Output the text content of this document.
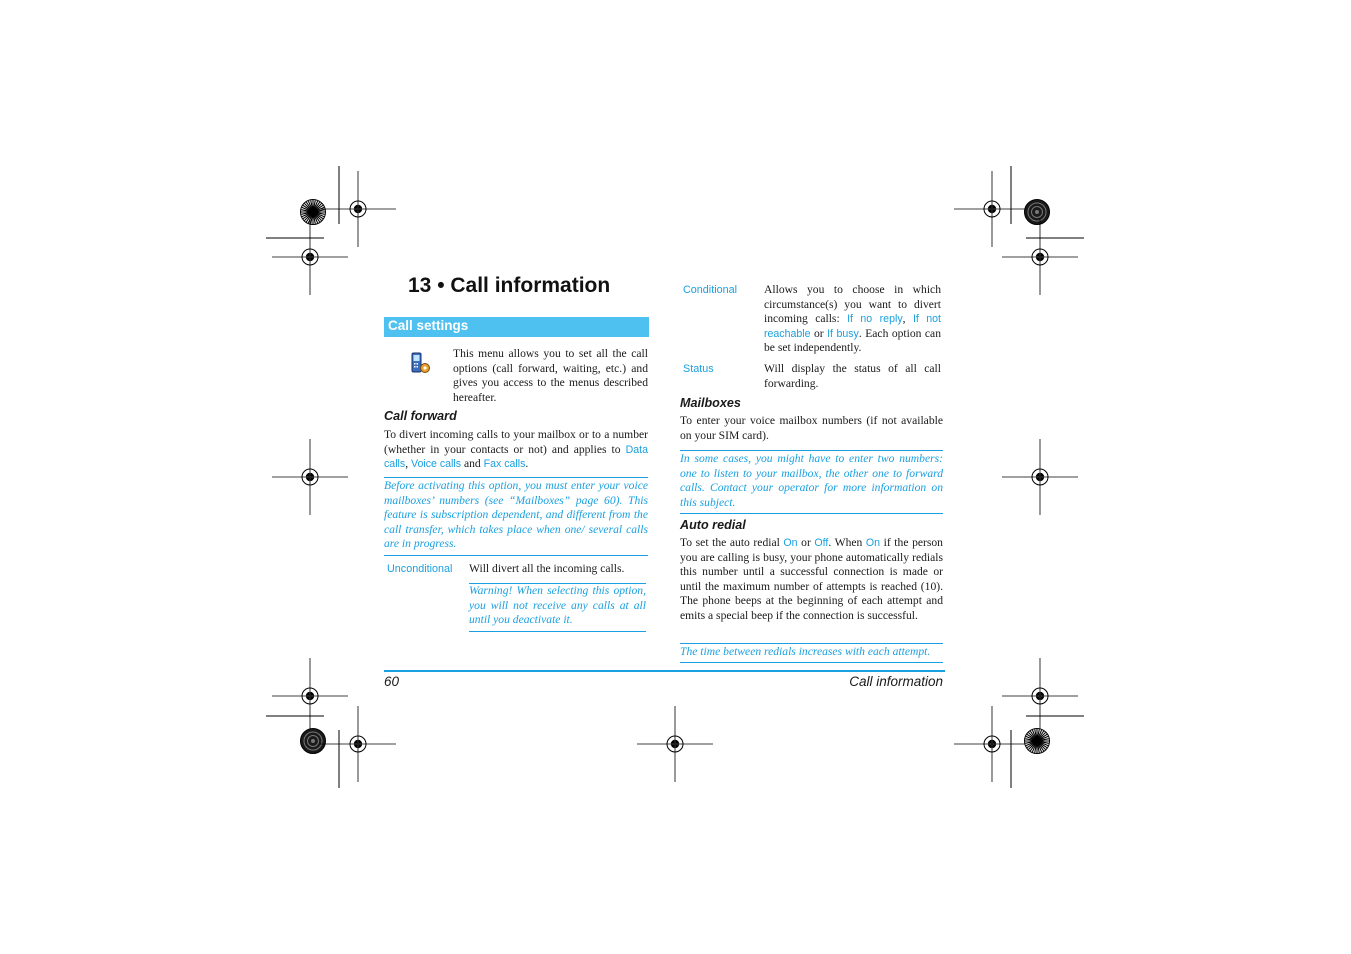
13 • Call information
Call settings
This menu allows you to set all the call options (call forward, waiting, etc.) and gives you access to the menus described hereafter.
Call forward
To divert incoming calls to your mailbox or to a number (whether in your contacts or not) and applies to Data calls, Voice calls and Fax calls.
Before activating this option, you must enter your voice mailboxes’ numbers (see “Mailboxes” page 60). This feature is subscription dependent, and different from the call transfer, which takes place when one/ several calls are in progress.
Unconditional Will divert all the incoming calls.
Warning! When selecting this option, you will not receive any calls at all until you deactivate it.
Conditional Allows you to choose in which circumstance(s) you want to divert incoming calls: If no reply, If not reachable or If busy. Each option can be set independently.
Status	Will display the status of all call forwarding.
Mailboxes
To enter your voice mailbox numbers (if not available on your SIM card).
In some cases, you might have to enter two numbers: one to listen to your mailbox, the other one to forward calls. Contact your operator for more information on this subject.
Auto redial
To set the auto redial On or Off. When On if the person you are calling is busy, your phone automatically redials this number until a successful connection is made or until the maximum number of attempts is reached (10). The phone beeps at the beginning of each attempt and emits a special beep if the connection is successful.
The time between redials increases with each attempt.
60	Call information
